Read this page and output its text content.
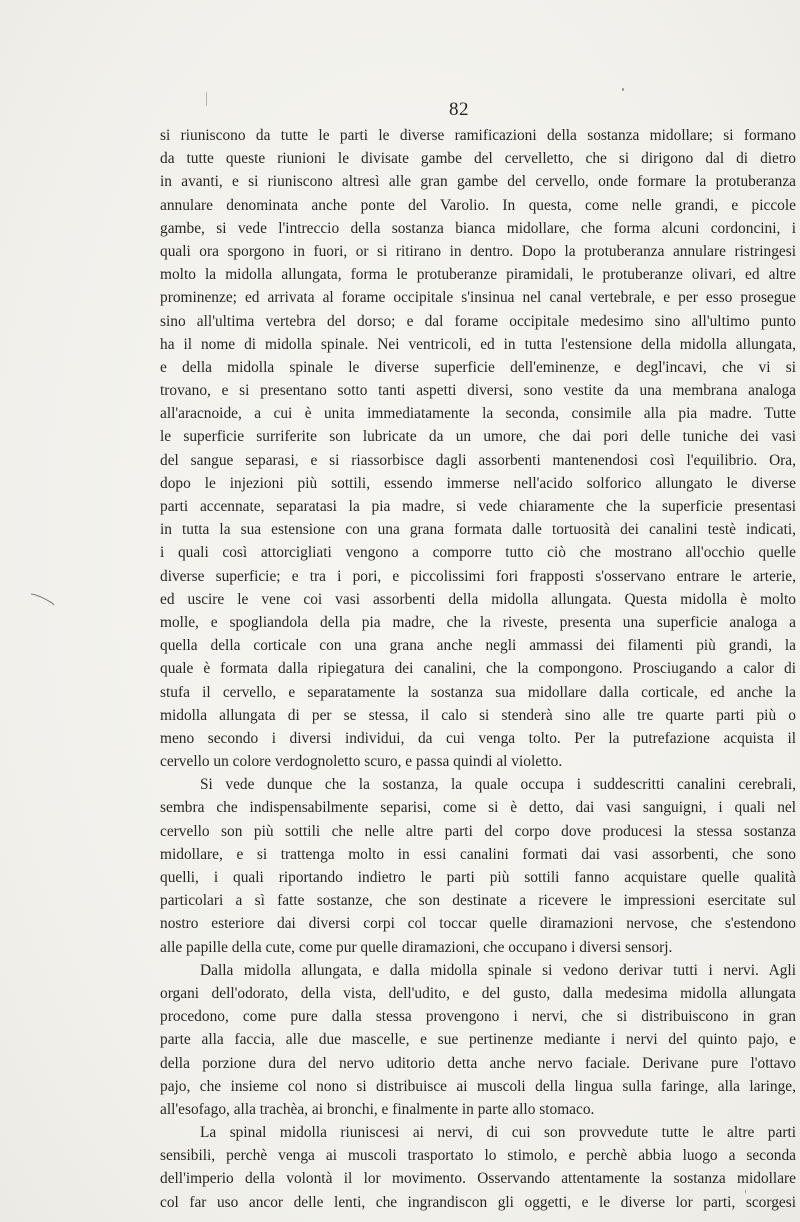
82
si riuniscono da tutte le parti le diverse ramificazioni della sostanza midollare; si formano
da tutte queste riunioni le divisate gambe del cervelletto, che si dirigono dal di dietro
in avanti, e si riuniscono altresì alle gran gambe del cervello, onde formare la protuberanza
annulare denominata anche ponte del Varolio. In questa, come nelle grandi, e piccole
gambe, si vede l'intreccio della sostanza bianca midollare, che forma alcuni cordoncini, i
quali ora sporgono in fuori, or si ritirano in dentro. Dopo la protuberanza annulare ristringesi
molto la midolla allungata, forma le protuberanze piramidali, le protuberanze olivari, ed altre
prominenze; ed arrivata al forame occipitale s'insinua nel canal vertebrale, e per esso prosegue
sino all'ultima vertebra del dorso; e dal forame occipitale medesimo sino all'ultimo punto
ha il nome di midolla spinale. Nei ventricoli, ed in tutta l'estensione della midolla allungata,
e della midolla spinale le diverse superficie dell'eminenze, e degl'incavi, che vi si
trovano, e si presentano sotto tanti aspetti diversi, sono vestite da una membrana analoga
all'aracnoide, a cui è unita immediatamente la seconda, consimile alla pia madre. Tutte
le superficie surriferite son lubricate da un umore, che dai pori delle tuniche dei vasi
del sangue separasi, e si riassorbisce dagli assorbenti mantenendosi così l'equilibrio. Ora,
dopo le injezioni più sottili, essendo immerse nell'acido solforico allungato le diverse
parti accennate, separatasi la pia madre, si vede chiaramente che la superficie presentasi
in tutta la sua estensione con una grana formata dalle tortuosità dei canalini testè indicati,
i quali così attorcigliati vengono a comporre tutto ciò che mostrano all'occhio quelle
diverse superficie; e tra i pori, e piccolissimi fori frapposti s'osservano entrare le arterie,
ed uscire le vene coi vasi assorbenti della midolla allungata. Questa midolla è molto
molle, e spogliandola della pia madre, che la riveste, presenta una superficie analoga a
quella della corticale con una grana anche negli ammassi dei filamenti più grandi, la
quale è formata dalla ripiegatura dei canalini, che la compongono. Prosciugando a calor di
stufa il cervello, e separatamente la sostanza sua midollare dalla corticale, ed anche la
midolla allungata di per se stessa, il calo si stenderà sino alle tre quarte parti più o
meno secondo i diversi individui, da cui venga tolto. Per la putrefazione acquista il
cervello un colore verdognoletto scuro, e passa quindi al violetto.
Si vede dunque che la sostanza, la quale occupa i suddescritti canalini cerebrali,
sembra che indispensabilmente separisi, come si è detto, dai vasi sanguigni, i quali nel
cervello son più sottili che nelle altre parti del corpo dove producesi la stessa sostanza
midollare, e si trattenga molto in essi canalini formati dai vasi assorbenti, che sono
quelli, i quali riportando indietro le parti più sottili fanno acquistare quelle qualità
particolari a sì fatte sostanze, che son destinate a ricevere le impressioni esercitate sul
nostro esteriore dai diversi corpi col toccar quelle diramazioni nervose, che s'estendono
alle papille della cute, come pur quelle diramazioni, che occupano i diversi sensorj.
Dalla midolla allungata, e dalla midolla spinale si vedono derivar tutti i nervi. Agli
organi dell'odorato, della vista, dell'udito, e del gusto, dalla medesima midolla allungata
procedono, come pure dalla stessa provengono i nervi, che si distribuiscono in gran
parte alla faccia, alle due mascelle, e sue pertinenze mediante i nervi del quinto pajo, e
della porzione dura del nervo uditorio detta anche nervo faciale. Derivane pure l'ottavo
pajo, che insieme col nono si distribuisce ai muscoli della lingua sulla faringe, alla laringe,
all'esofago, alla trachèa, ai bronchi, e finalmente in parte allo stomaco.
La spinal midolla riuniscesi ai nervi, di cui son provvedute tutte le altre parti
sensibili, perchè venga ai muscoli trasportato lo stimolo, e perchè abbia luogo a seconda
dell'imperio della volontà il lor movimento. Osservando attentamente la sostanza midollare
col far uso ancor delle lenti, che ingrandiscon gli oggetti, e le diverse lor parti, scorgesi
